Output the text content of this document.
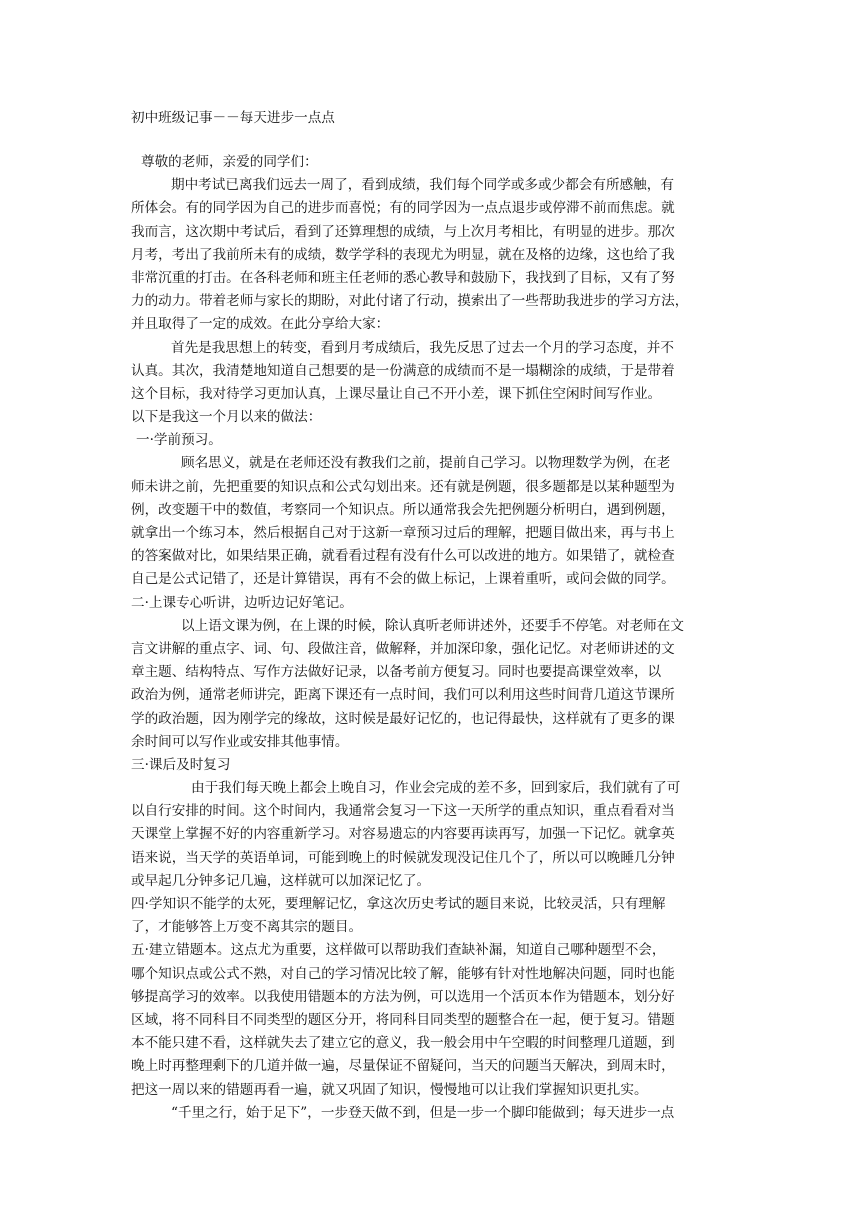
初中班级记事－－每天进步一点点
尊敬的老师，亲爱的同学们：
期中考试已离我们远去一周了，看到成绩，我们每个同学或多或少都会有所感触，有
所体会。有的同学因为自己的进步而喜悦；有的同学因为一点点退步或停滞不前而焦虑。就
我而言，这次期中考试后，看到了还算理想的成绩，与上次月考相比，有明显的进步。那次
月考，考出了我前所未有的成绩，数学学科的表现尤为明显，就在及格的边缘，这也给了我
非常沉重的打击。在各科老师和班主任老师的悉心教导和鼓励下，我找到了目标，又有了努
力的动力。带着老师与家长的期盼，对此付诸了行动，摸索出了一些帮助我进步的学习方法，
并且取得了一定的成效。在此分享给大家：
首先是我思想上的转变，看到月考成绩后，我先反思了过去一个月的学习态度，并不
认真。其次，我清楚地知道自己想要的是一份满意的成绩而不是一塌糊涂的成绩，于是带着
这个目标，我对待学习更加认真，上课尽量让自己不开小差，课下抓住空闲时间写作业。
以下是我这一个月以来的做法：
一·学前预习。
顾名思义，就是在老师还没有教我们之前，提前自己学习。以物理数学为例，在老
师未讲之前，先把重要的知识点和公式勾划出来。还有就是例题，很多题都是以某种题型为
例，改变题干中的数值，考察同一个知识点。所以通常我会先把例题分析明白，遇到例题，
就拿出一个练习本，然后根据自己对于这新一章预习过后的理解，把题目做出来，再与书上
的答案做对比，如果结果正确，就看看过程有没有什么可以改进的地方。如果错了，就检查
自己是公式记错了，还是计算错误，再有不会的做上标记，上课着重听，或问会做的同学。
二·上课专心听讲，边听边记好笔记。
以上语文课为例，在上课的时候，除认真听老师讲述外，还要手不停笔。对老师在文
言文讲解的重点字、词、句、段做注音，做解释，并加深印象，强化记忆。对老师讲述的文
章主题、结构特点、写作方法做好记录，以备考前方便复习。同时也要提高课堂效率，以
政治为例，通常老师讲完，距离下课还有一点时间，我们可以利用这些时间背几道这节课所
学的政治题，因为刚学完的缘故，这时候是最好记忆的，也记得最快，这样就有了更多的课
余时间可以写作业或安排其他事情。
三·课后及时复习
由于我们每天晚上都会上晚自习，作业会完成的差不多，回到家后，我们就有了可
以自行安排的时间。这个时间内，我通常会复习一下这一天所学的重点知识，重点看看对当
天课堂上掌握不好的内容重新学习。对容易遗忘的内容要再读再写，加强一下记忆。就拿英
语来说，当天学的英语单词，可能到晚上的时候就发现没记住几个了，所以可以晚睡几分钟
或早起几分钟多记几遍，这样就可以加深记忆了。
四·学知识不能学的太死，要理解记忆，拿这次历史考试的题目来说，比较灵活，只有理解
了，才能够答上万变不离其宗的题目。
五·建立错题本。这点尤为重要，这样做可以帮助我们查缺补漏，知道自己哪种题型不会，
哪个知识点或公式不熟，对自己的学习情况比较了解，能够有针对性地解决问题，同时也能
够提高学习的效率。以我使用错题本的方法为例，可以选用一个活页本作为错题本，划分好
区域，将不同科目不同类型的题区分开，将同科目同类型的题整合在一起，便于复习。错题
本不能只建不看，这样就失去了建立它的意义，我一般会用中午空暇的时间整理几道题，到
晚上时再整理剩下的几道并做一遍，尽量保证不留疑问，当天的问题当天解决，到周末时，
把这一周以来的错题再看一遍，就又巩固了知识，慢慢地可以让我们掌握知识更扎实。
“千里之行，始于足下”，一步登天做不到，但是一步一个脚印能做到；每天进步一点
